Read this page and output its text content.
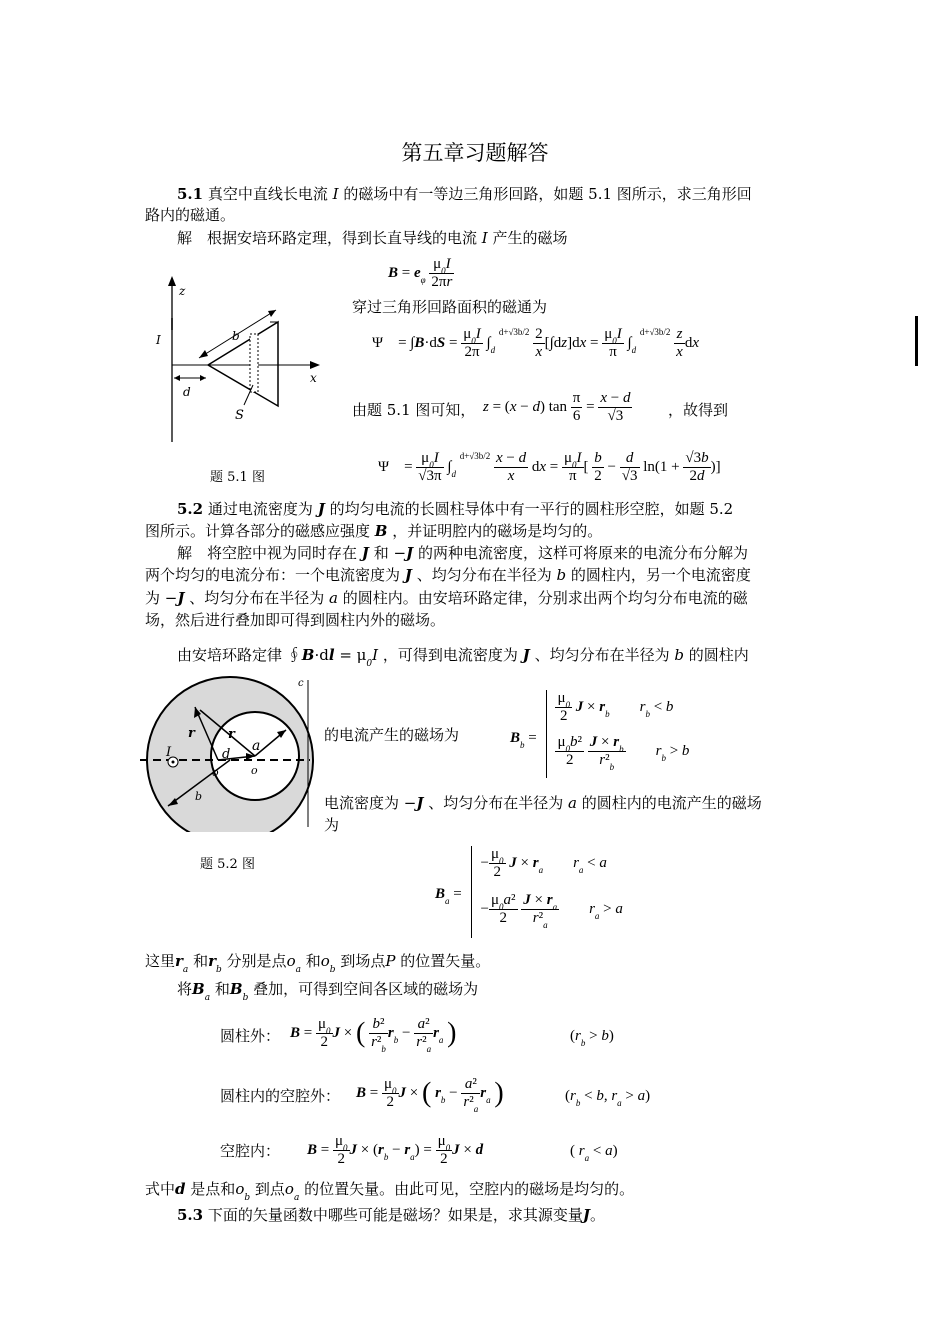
第五章习题解答
5.1 真空中直线长电流 I 的磁场中有一等边三角形回路，如题 5.1 图所示，求三角形回
路内的磁通。
解　根据安培环路定理，得到长直导线的电流 I 产生的磁场
$B = e_\varphi \frac{\mu_0I}{2\pi r}$
穿过三角形回路面积的磁通为
Ψ　= $\int B\cdot dS = \frac{\mu_0I}{2\pi} \int_d$ $^{d+√3b/2} \frac{2}{x} [\int dz]dx = \frac{\mu_0I}{\pi} \int_d$ $^{d+√3b/2} \frac{z}{x}$ dx
由题 5.1 图可知， z = (x − d) $\tan \frac{\pi}{6} = \frac{x - d}{√3}$ ，故得到
Ψ　= $\frac{\mu_0I}{√3\pi} \int_d$ $^{d+√3b/2} \frac{x - d}{x}$ dx = $\frac{\mu_0I}{\pi}$ [ $\frac{b}{2} - \frac{d}{√3} \ln(1 + \frac{√3b}{2d}$ )]
z
I	b
d
x
S
题 5.1 图
5.2 通过电流密度为 J 的均匀电流的长圆柱导体中有一平行的圆柱形空腔，如题 5.2
图所示。计算各部分的磁感应强度 B ，并证明腔内的磁场是均匀的。
解　将空腔中视为同时存在 J 和 −J 的两种电流密度，这样可将原来的电流分布分解为
两个均匀的电流分布：一个电流密度为 J 、均匀分布在半径为 b 的圆柱内，另一个电流密度
为 −J 、均匀分布在半径为 a 的圆柱内。由安培环路定律，分别求出两个均匀分布电流的磁
场，然后进行叠加即可得到圆柱内外的磁场。
由安培环路定律 ∮B·dl = $\mu_0I$ ，可得到电流密度为 J 、均匀分布在半径为 b 的圆柱内
c
r	r
d
a
b
I
o	o
题 5.2 图
的电流产生的磁场为	$B_b$ =
$\frac{\mu_0}{2}$ $J \times r_b$　　 $r_b < b$
$\frac{\mu_0b^2}{2}$
$\frac{J \times r_b}{r^2_b}$
　　 $r_b > b$
电流密度为 −J 、均匀分布在半径为 a 的圆柱内的电流产生的磁场
为
$B_a$ =
− $\frac{\mu_0}{2}$ $J \times r_a$　　 $r_a < a$
− $\frac{\mu_0a^2}{2}$
$\frac{J \times r_a}{r^2_a}$
　　 $r_a > a$
这里$r_a$ 和$r_b$ 分别是点$o_a$ 和$o_b$ 到场点P 的位置矢量。
将$B_a$ 和$B_b$ 叠加，可得到空间各区域的磁场为
圆柱外： $B = \frac{\mu_0}{2}$ J × ( $\frac{\text{b²}}{r^2_b} r_b - \frac{\text{a²}}{r^2_a} r_a$ )	$(r_b > b)$
圆柱内的空腔外： $B = \frac{\mu_0}{2}$ J × ( $r_b - \frac{\text{a²}}{r^2_a} r_a$ )	($r_b < b$, $r_a > a$)
空腔内： $B = \frac{\mu_0}{2}$ $J \times (r_b - r_a) = \frac{\mu_0}{2}$ J × d	( $r_a < a$)
式中d 是点和$o_b$ 到点$o_a$ 的位置矢量。由此可见，空腔内的磁场是均匀的。
5.3 下面的矢量函数中哪些可能是磁场？如果是，求其源变量J。
